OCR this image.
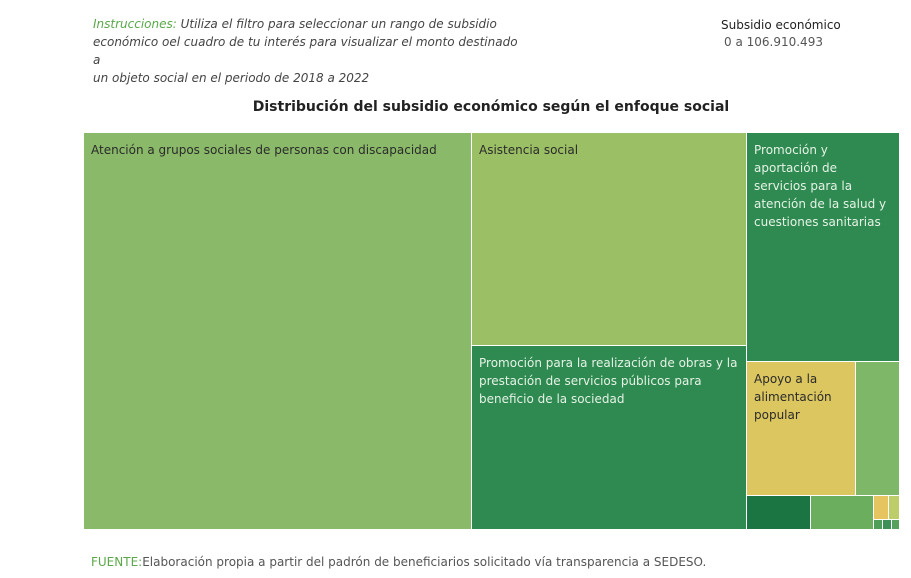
Instrucciones: Utiliza el filtro para seleccionar un rango de subsidio
económico oel cuadro de tu interés para visualizar el monto destinado a
un objeto social en el periodo de 2018 a 2022
Subsidio económico
0 a 106.910.493
Distribución del subsidio económico según el enfoque social
Atención a grupos sociales de personas con discapacidad	Asistencia social
Promoción para la realización de obras y la prestación de servicios públicos para beneficio de la sociedad
Promoción y aportación de servicios para la atención de la salud y cuestiones sanitarias
Apoyo a la alimentación popular
FUENTE:Elaboración propia a partir del padrón de beneficiarios solicitado vía transparencia a SEDESO.
